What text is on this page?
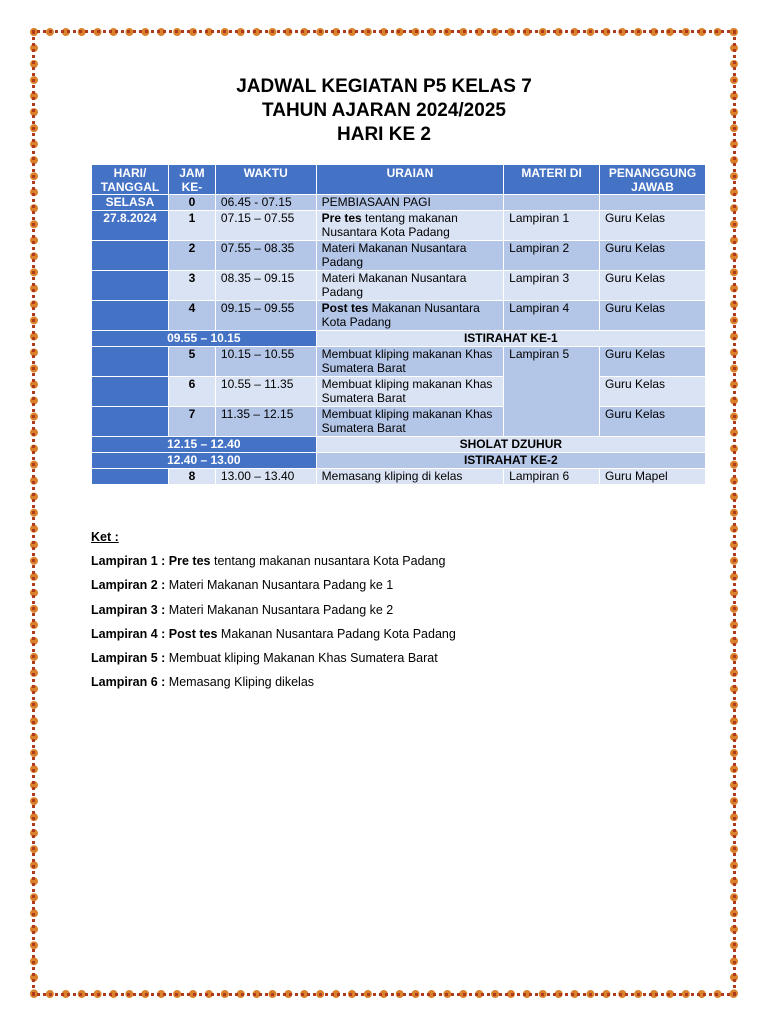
JADWAL KEGIATAN P5 KELAS 7
TAHUN AJARAN 2024/2025
HARI KE 2
HARI/ TANGGAL	JAM KE-	WAKTU	URAIAN	MATERI DI	PENANGGUNG JAWAB
SELASA	0	06.45 - 07.15	PEMBIASAAN PAGI		
27.8.2024	1	07.15 – 07.55	Pre tes tentang makanan Nusantara Kota Padang	Lampiran 1	Guru Kelas
	2	07.55 – 08.35	Materi Makanan Nusantara Padang	Lampiran 2	Guru Kelas
	3	08.35 – 09.15	Materi Makanan Nusantara Padang	Lampiran 3	Guru Kelas
	4	09.15 – 09.55	Post tes Makanan Nusantara Kota Padang	Lampiran 4	Guru Kelas
09.55 – 10.15			ISTIRAHAT KE-1		
	5	10.15 – 10.55	Membuat kliping makanan Khas Sumatera Barat	Lampiran 5	Guru Kelas
	6	10.55 – 11.35	Membuat kliping makanan Khas Sumatera Barat		Guru Kelas
	7	11.35 – 12.15	Membuat kliping makanan Khas Sumatera Barat		Guru Kelas
12.15 – 12.40			SHOLAT DZUHUR		
12.40 – 13.00			ISTIRAHAT KE-2		
	8	13.00 – 13.40	Memasang kliping di kelas	Lampiran 6	Guru Mapel
Ket :
Lampiran 1 : Pre tes tentang makanan nusantara Kota Padang
Lampiran 2 : Materi Makanan Nusantara Padang ke 1
Lampiran 3 : Materi Makanan Nusantara Padang ke 2
Lampiran 4 : Post tes Makanan Nusantara Padang Kota Padang
Lampiran 5 : Membuat kliping Makanan Khas Sumatera Barat
Lampiran 6 : Memasang Kliping dikelas
